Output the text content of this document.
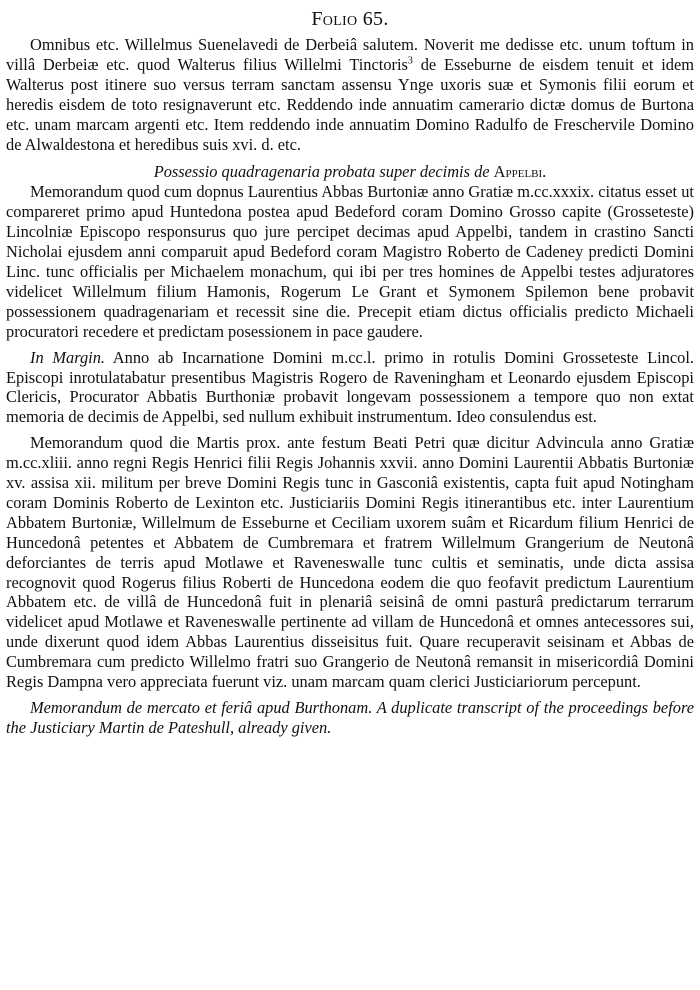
Folio 65.

Omnibus etc. Willelmus Suenelavedi de Derbeiâ salutem. Noverit me dedisse etc. unum toftum in villâ Derbeiæ etc. quod Walterus filius Willelmi Tinctoris$^3$ de Esseburne de eisdem tenuit et idem Walterus post itinere suo versus terram sanctam assensu Ynge uxoris suæ et Symonis filii eorum et heredis eisdem de toto resignaverunt etc. Reddendo inde annuatim camerario dictæ domus de Burtona etc. unam marcam argenti etc. Item reddendo inde annuatim Domino Radulfo de Freschervile Domino de Alwaldestona et heredibus suis xvi. d. etc.

Possessio quadragenaria probata super decimis de Appelbi.

Memorandum quod cum dopnus Laurentius Abbas Burtoniæ anno Gratiæ m.cc.xxxix. citatus esset ut compareret primo apud Huntedona postea apud Bedeford coram Domino Grosso capite (Grosseteste) Lincolniæ Episcopo responsurus quo jure percipet decimas apud Appelbi, tandem in crastino Sancti Nicholai ejusdem anni comparuit apud Bedeford coram Magistro Roberto de Cadeney predicti Domini Linc. tunc officialis per Michaelem monachum, qui ibi per tres homines de Appelbi testes adjuratores videlicet Willelmum filium Hamonis, Rogerum Le Grant et Symonem Spilemon bene probavit possessionem quadragenariam et recessit sine die. Precepit etiam dictus officialis predicto Michaeli procuratori recedere et predictam posessionem in pace gaudere.

In Margin. Anno ab Incarnatione Domini m.cc.l. primo in rotulis Domini Grosseteste Lincol. Episcopi inrotulatabatur presentibus Magistris Rogero de Raveningham et Leonardo ejusdem Episcopi Clericis, Procurator Abbatis Burthoniæ probavit longevam possessionem a tempore quo non extat memoria de decimis de Appelbi, sed nullum exhibuit instrumentum. Ideo consulendus est.

Memorandum quod die Martis prox. ante festum Beati Petri quæ dicitur Advincula anno Gratiæ m.cc.xliii. anno regni Regis Henrici filii Regis Johannis xxvii. anno Domini Laurentii Abbatis Burtoniæ xv. assisa xii. militum per breve Domini Regis tunc in Gasconiâ existentis, capta fuit apud Notingham coram Dominis Roberto de Lexinton etc. Justiciariis Domini Regis itinerantibus etc. inter Laurentium Abbatem Burtoniæ, Willelmum de Esseburne et Ceciliam uxorem suâm et Ricardum filium Henrici de Huncedonâ petentes et Abbatem de Cumbremara et fratrem Willelmum Grangerium de Neutonâ deforciantes de terris apud Motlawe et Raveneswalle tunc cultis et seminatis, unde dicta assisa recognovit quod Rogerus filius Roberti de Huncedona eodem die quo feofavit predictum Laurentium Abbatem etc. de villâ de Huncedonâ fuit in plenariâ seisinâ de omni pasturâ predictarum terrarum videlicet apud Motlawe et Raveneswalle pertinente ad villam de Huncedonâ et omnes antecessores sui, unde dixerunt quod idem Abbas Laurentius disseisitus fuit. Quare recuperavit seisinam et Abbas de Cumbremara cum predicto Willelmo fratri suo Grangerio de Neutonâ remansit in misericordiâ Domini Regis Dampna vero appreciata fuerunt viz. unam marcam quam clerici Justiciariorum percepunt.

Memorandum de mercato et feriâ apud Burthonam. A duplicate transcript of the proceedings before the Justiciary Martin de Pateshull, already given.
